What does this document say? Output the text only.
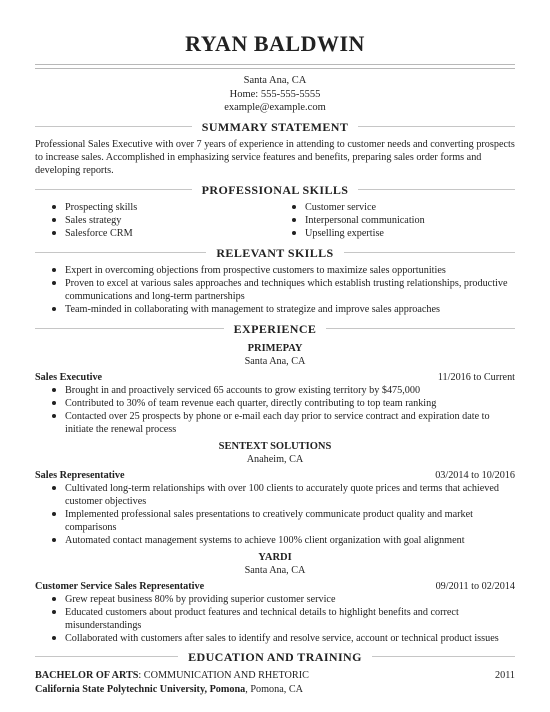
RYAN BALDWIN
Santa Ana, CA
Home: 555-555-5555
example@example.com
SUMMARY STATEMENT
Professional Sales Executive with over 7 years of experience in attending to customer needs and converting prospects to increase sales. Accomplished in emphasizing service features and benefits, preparing sales order forms and developing reports.
PROFESSIONAL SKILLS
Prospecting skills
Sales strategy
Salesforce CRM
Customer service
Interpersonal communication
Upselling expertise
RELEVANT SKILLS
Expert in overcoming objections from prospective customers to maximize sales opportunities
Proven to excel at various sales approaches and techniques which establish trusting relationships, productive communications and long-term partnerships
Team-minded in collaborating with management to strategize and improve sales approaches
EXPERIENCE
PRIMEPAY
Santa Ana, CA
Sales Executive	11/2016 to Current
Brought in and proactively serviced 65 accounts to grow existing territory by $475,000
Contributed to 30% of team revenue each quarter, directly contributing to top team ranking
Contacted over 25 prospects by phone or e-mail each day prior to service contract and expiration date to initiate the renewal process
SENTEXT SOLUTIONS
Anaheim, CA
Sales Representative	03/2014 to 10/2016
Cultivated long-term relationships with over 100 clients to accurately quote prices and terms that achieved customer objectives
Implemented professional sales presentations to creatively communicate product quality and market comparisons
Automated contact management systems to achieve 100% client organization with goal alignment
YARDI
Santa Ana, CA
Customer Service Sales Representative	09/2011 to 02/2014
Grew repeat business 80% by providing superior customer service
Educated customers about product features and technical details to highlight benefits and correct misunderstandings
Collaborated with customers after sales to identify and resolve service, account or technical product issues
EDUCATION AND TRAINING
BACHELOR OF ARTS: COMMUNICATION AND RHETORIC	2011
California State Polytechnic University, Pomona, Pomona, CA
